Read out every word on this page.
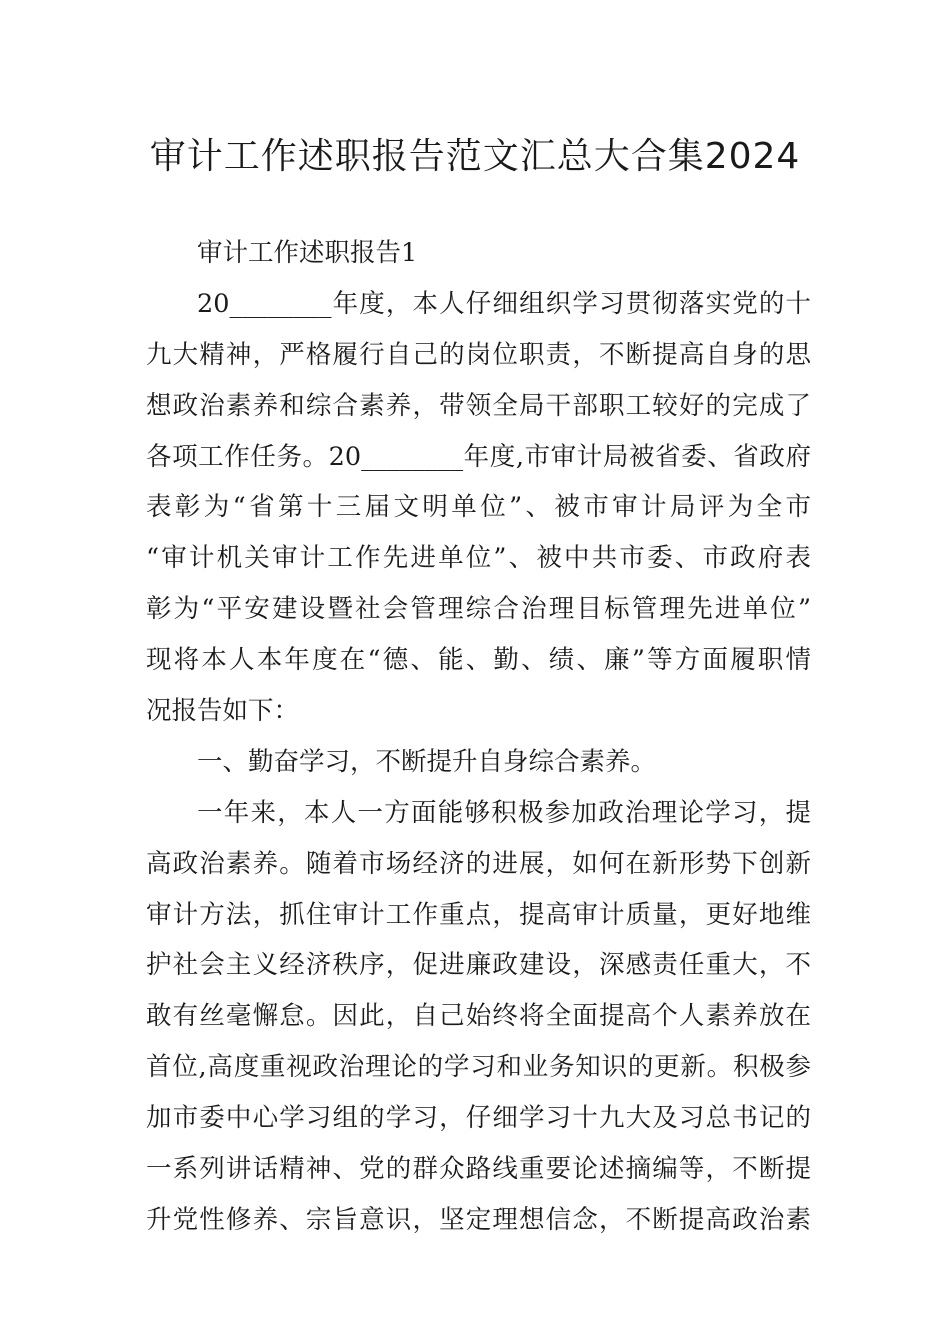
审计工作述职报告范文汇总大合集2024
审计工作述职报告1
20________年度，本人仔细组织学习贯彻落实党的十
九大精神，严格履行自己的岗位职责，不断提高自身的思
想政治素养和综合素养，带领全局干部职工较好的完成了
各项工作任务。20________年度,市审计局被省委、省政府
表彰为“省第十三届文明单位”、被市审计局评为全市
“审计机关审计工作先进单位”、被中共市委、市政府表
彰为“平安建设暨社会管理综合治理目标管理先进单位”
现将本人本年度在“德、能、勤、绩、廉”等方面履职情
况报告如下：
一、勤奋学习，不断提升自身综合素养。
一年来，本人一方面能够积极参加政治理论学习，提
高政治素养。随着市场经济的进展，如何在新形势下创新
审计方法，抓住审计工作重点，提高审计质量，更好地维
护社会主义经济秩序，促进廉政建设，深感责任重大，不
敢有丝毫懈怠。因此，自己始终将全面提高个人素养放在
首位,高度重视政治理论的学习和业务知识的更新。积极参
加市委中心学习组的学习，仔细学习十九大及习总书记的
一系列讲话精神、党的群众路线重要论述摘编等，不断提
升党性修养、宗旨意识，坚定理想信念，不断提高政治素
